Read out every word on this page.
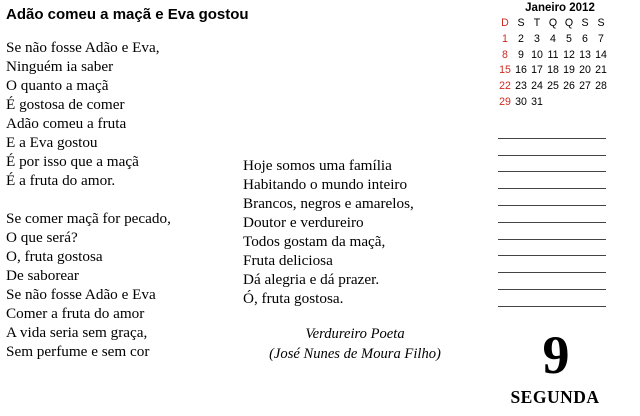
Adão comeu a maçã e Eva gostou
Se não fosse Adão e Eva,
Ninguém ia saber
O quanto a maçã
É gostosa de comer
Adão comeu a fruta
E a Eva gostou
É por isso que a maçã
É a fruta do amor.
Se comer maçã for pecado,
O que será?
O, fruta gostosa
De saborear
Se não fosse Adão e Eva
Comer a fruta do amor
A vida seria sem graça,
Sem perfume e sem cor
Hoje somos uma família
Habitando o mundo inteiro
Brancos, negros e amarelos,
Doutor e verdureiro
Todos gostam da maçã,
Fruta deliciosa
Dá alegria e dá prazer.
Ó, fruta gostosa.
Verdureiro Poeta
(José Nunes de Moura Filho)
Janeiro 2012
D S T Q Q S S
1 2 3 4 5 6 7
8 9 10 11 12 13 14
15 16 17 18 19 20 21
22 23 24 25 26 27 28
29 30 31
9
SEGUNDA
